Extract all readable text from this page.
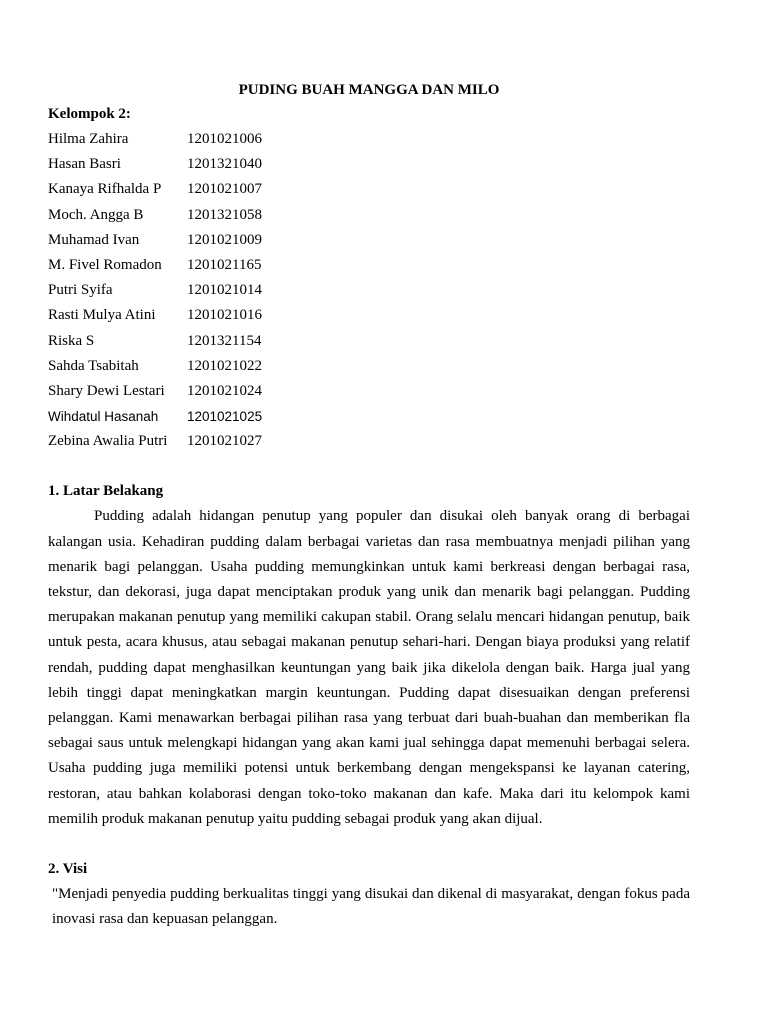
PUDING BUAH MANGGA DAN MILO
Kelompok 2:
Hilma Zahira	1201021006
Hasan Basri	1201321040
Kanaya Rifhalda P	1201021007
Moch. Angga B	1201321058
Muhamad Ivan	1201021009
M. Fivel Romadon	1201021165
Putri Syifa	1201021014
Rasti Mulya Atini	1201021016
Riska S	1201321154
Sahda Tsabitah	1201021022
Shary Dewi Lestari	1201021024
Wihdatul Hasanah	1201021025
Zebina Awalia Putri	1201021027
1. Latar Belakang

Pudding adalah hidangan penutup yang populer dan disukai oleh banyak orang di berbagai kalangan usia. Kehadiran pudding dalam berbagai varietas dan rasa membuatnya menjadi pilihan yang menarik bagi pelanggan. Usaha pudding memungkinkan untuk kami berkreasi dengan berbagai rasa, tekstur, dan dekorasi, juga dapat menciptakan produk yang unik dan menarik bagi pelanggan. Pudding merupakan makanan penutup yang memiliki cakupan stabil. Orang selalu mencari hidangan penutup, baik untuk pesta, acara khusus, atau sebagai makanan penutup sehari-hari. Dengan biaya produksi yang relatif rendah, pudding dapat menghasilkan keuntungan yang baik jika dikelola dengan baik. Harga jual yang lebih tinggi dapat meningkatkan margin keuntungan. Pudding dapat disesuaikan dengan preferensi pelanggan. Kami menawarkan berbagai pilihan rasa yang terbuat dari buah-buahan dan memberikan fla sebagai saus untuk melengkapi hidangan yang akan kami jual sehingga dapat memenuhi berbagai selera. Usaha pudding juga memiliki potensi untuk berkembang dengan mengekspansi ke layanan catering, restoran, atau bahkan kolaborasi dengan toko-toko makanan dan kafe. Maka dari itu kelompok kami memilih produk makanan penutup yaitu pudding sebagai produk yang akan dijual.

2. Visi

"Menjadi penyedia pudding berkualitas tinggi yang disukai dan dikenal di masyarakat, dengan fokus pada inovasi rasa dan kepuasan pelanggan.
